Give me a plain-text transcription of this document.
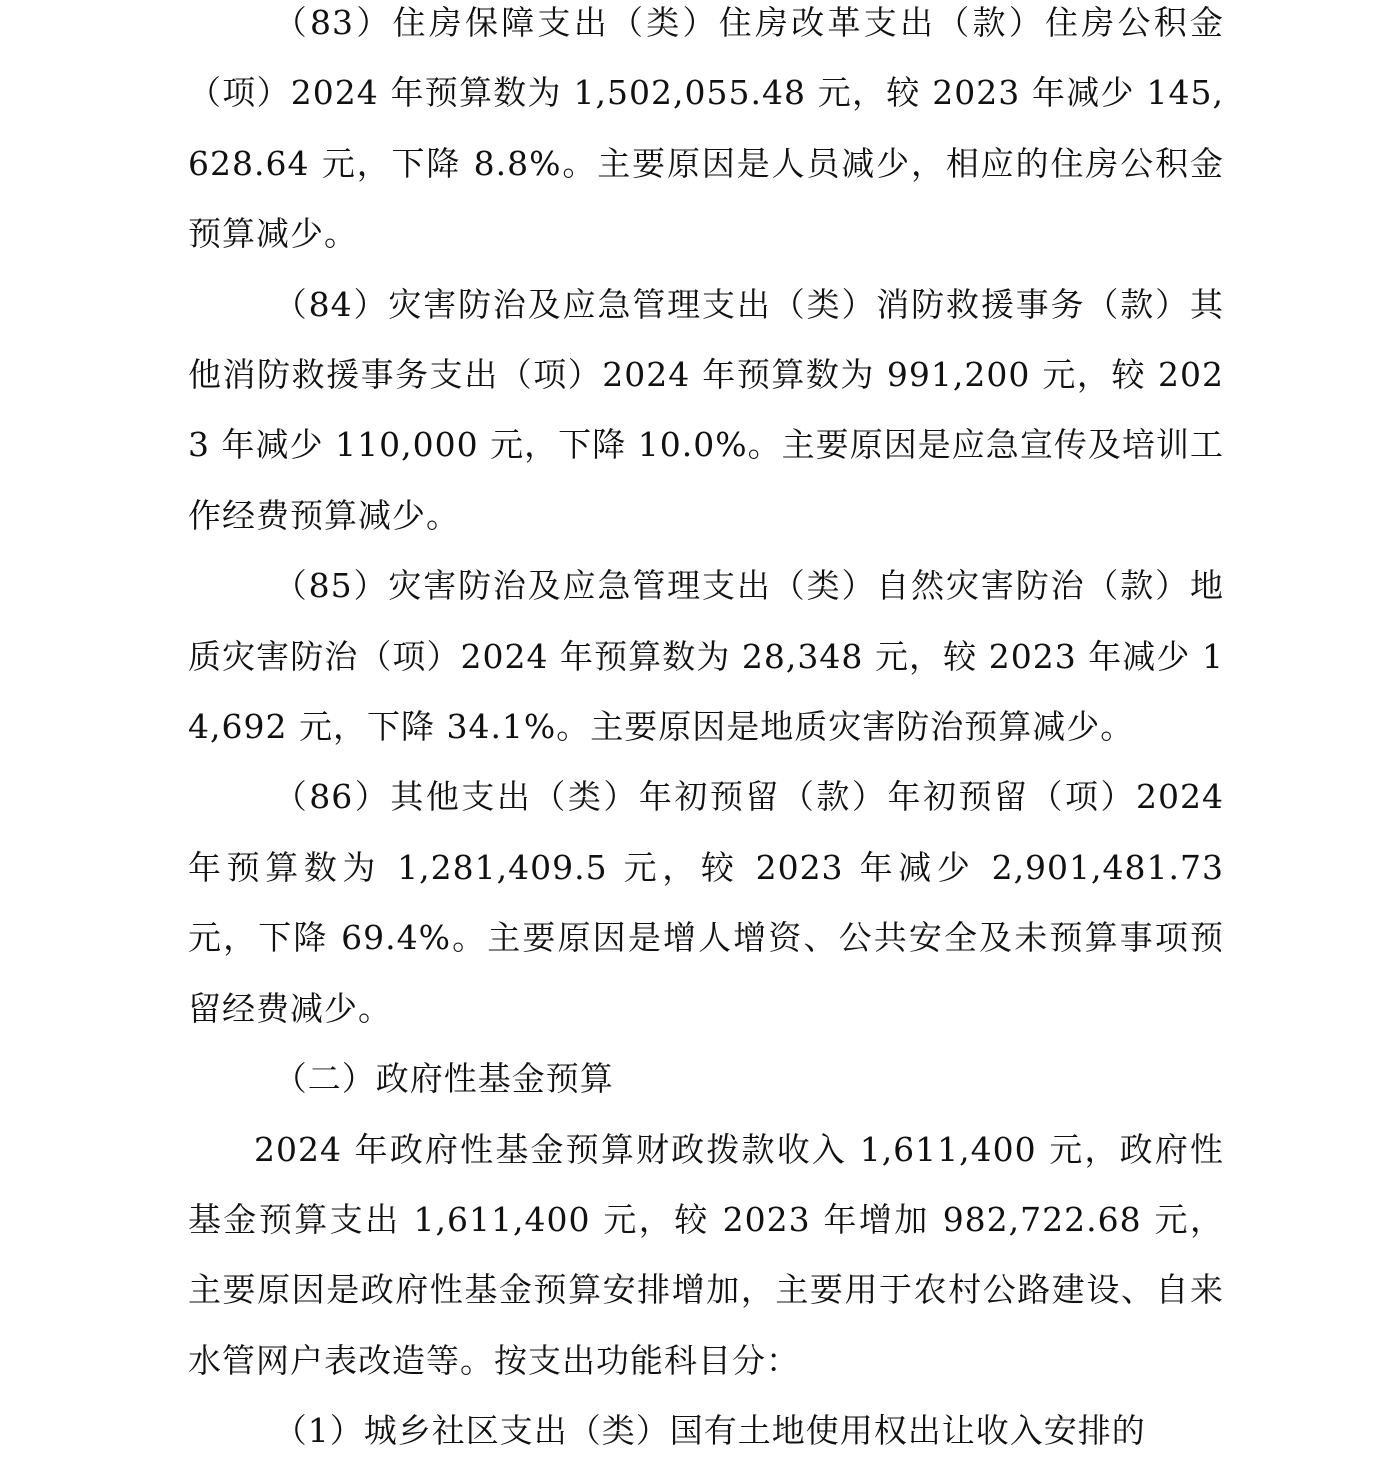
（83）住房保障支出（类）住房改革支出（款）住房公积金（项）2024 年预算数为 1,502,055.48 元，较 2023 年减少 145,628.64 元，下降 8.8%。主要原因是人员减少，相应的住房公积金预算减少。

（84）灾害防治及应急管理支出（类）消防救援事务（款）其他消防救援事务支出（项）2024 年预算数为 991,200 元，较 2023 年减少 110,000 元，下降 10.0%。主要原因是应急宣传及培训工作经费预算减少。

（85）灾害防治及应急管理支出（类）自然灾害防治（款）地质灾害防治（项）2024 年预算数为 28,348 元，较 2023 年减少 14,692 元，下降 34.1%。主要原因是地质灾害防治预算减少。

（86）其他支出（类）年初预留（款）年初预留（项）2024 年预算数为 1,281,409.5 元，较 2023 年减少 2,901,481.73 元，下降 69.4%。主要原因是增人增资、公共安全及未预算事项预留经费减少。

（二）政府性基金预算

2024 年政府性基金预算财政拨款收入 1,611,400 元，政府性基金预算支出 1,611,400 元，较 2023 年增加 982,722.68 元，主要原因是政府性基金预算安排增加，主要用于农村公路建设、自来水管网户表改造等。按支出功能科目分：

（1）城乡社区支出（类）国有土地使用权出让收入安排的
